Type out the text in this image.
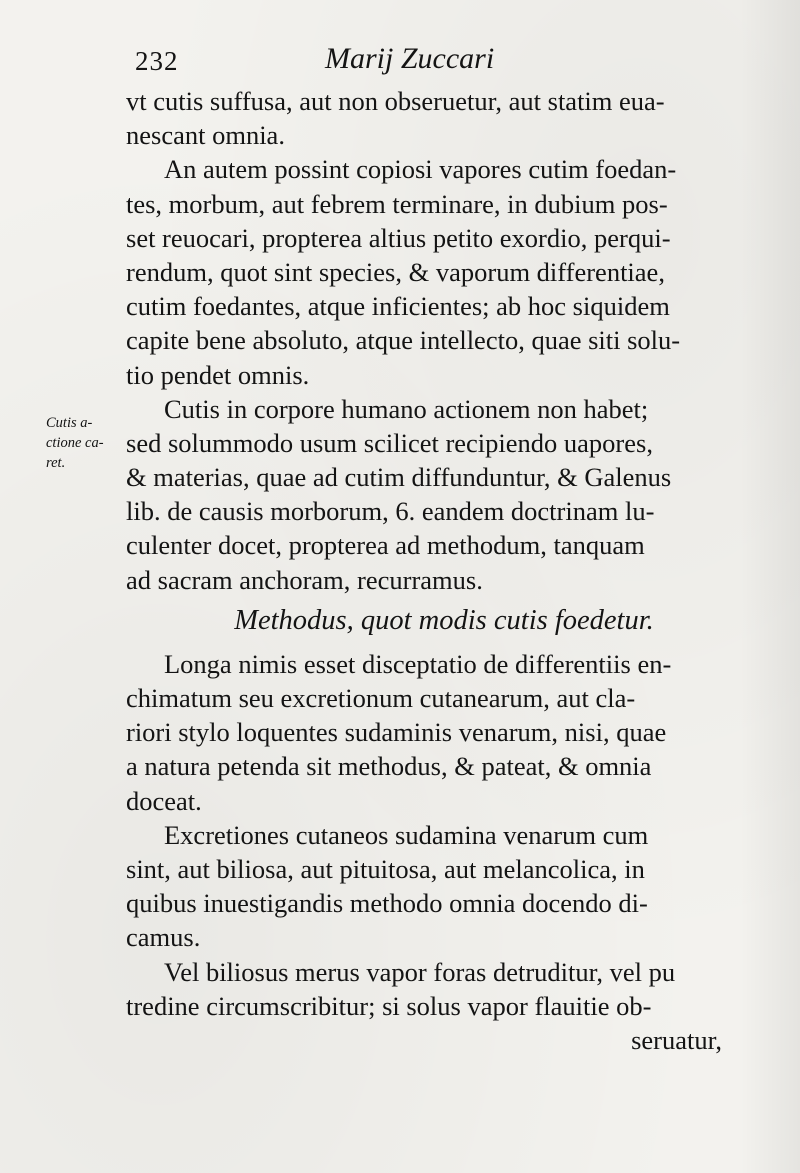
232	Marij Zuccari
Cutis a-
ctione ca-
ret.
vt cutis suffusa, aut non obseruetur, aut statim eua-
nescant omnia.
An autem possint copiosi vapores cutim foedan-
tes, morbum, aut febrem terminare, in dubium pos-
set reuocari, propterea altius petito exordio, perqui-
rendum, quot sint species, & vaporum differentiae,
cutim foedantes, atque inficientes; ab hoc siquidem
capite bene absoluto, atque intellecto, quae siti solu-
tio pendet omnis.
Cutis in corpore humano actionem non habet;
sed solummodo usum scilicet recipiendo uapores,
& materias, quae ad cutim diffunduntur, & Galenus
lib. de causis morborum, 6. eandem doctrinam lu-
culenter docet, propterea ad methodum, tanquam
ad sacram anchoram, recurramus.
Methodus, quot modis cutis foedetur.
Longa nimis esset disceptatio de differentiis en-
chimatum seu excretionum cutanearum, aut cla-
riori stylo loquentes sudaminis venarum, nisi, quae
a natura petenda sit methodus, & pateat, & omnia
doceat.
Excretiones cutaneos sudamina venarum cum
sint, aut biliosa, aut pituitosa, aut melancolica, in
quibus inuestigandis methodo omnia docendo di-
camus.
Vel biliosus merus vapor foras detruditur, vel pu
tredine circumscribitur; si solus vapor flauitie ob-
seruatur,
